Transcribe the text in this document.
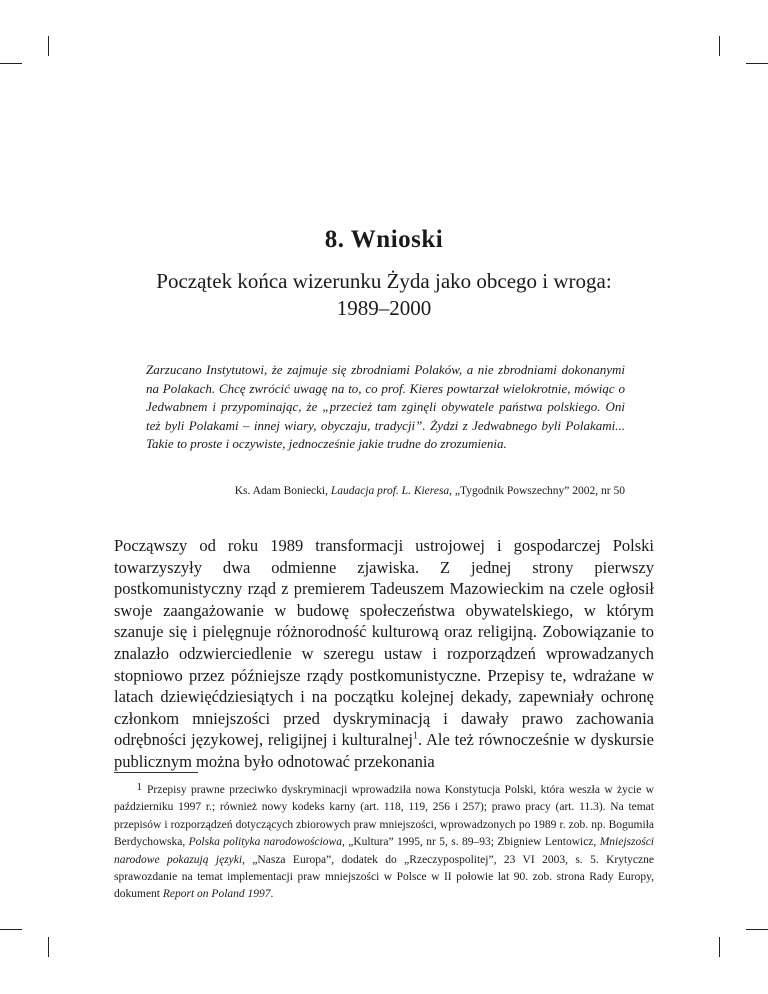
8. Wnioski
Początek końca wizerunku Żyda jako obcego i wroga:
1989–2000
Zarzucano Instytutowi, że zajmuje się zbrodniami Polaków, a nie zbrodniami dokonanymi na Polakach. Chcę zwrócić uwagę na to, co prof. Kieres powtarzał wielokrotnie, mówiąc o Jedwabnem i przypominając, że „przecież tam zginęli obywatele państwa polskiego. Oni też byli Polakami – innej wiary, obyczaju, tradycji”. Żydzi z Jedwabnego byli Polakami... Takie to proste i oczywiste, jednocześnie jakie trudne do zrozumienia.
Ks. Adam Boniecki, Laudacja prof. L. Kieresa, „Tygodnik Powszechny” 2002, nr 50
Począwszy od roku 1989 transformacji ustrojowej i gospodarczej Polski towarzyszyły dwa odmienne zjawiska. Z jednej strony pierwszy postkomunistyczny rząd z premierem Tadeuszem Mazowieckim na czele ogłosił swoje zaangażowanie w budowę społeczeństwa obywatelskiego, w którym szanuje się i pielęgnuje różnorodność kulturową oraz religijną. Zobowiązanie to znalazło odzwierciedlenie w szeregu ustaw i rozporządzeń wprowadzanych stopniowo przez późniejsze rządy postkomunistyczne. Przepisy te, wdrażane w latach dziewięćdziesiątych i na początku kolejnej dekady, zapewniały ochronę członkom mniejszości przed dyskryminacją i dawały prawo zachowania odrębności językowej, religijnej i kulturalnej$^1$. Ale też równocześnie w dyskursie publicznym można było odnotować przekonania
1 Przepisy prawne przeciwko dyskryminacji wprowadziła nowa Konstytucja Polski, która weszła w życie w październiku 1997 r.; również nowy kodeks karny (art. 118, 119, 256 i 257); prawo pracy (art. 11.3). Na temat przepisów i rozporządzeń dotyczących zbiorowych praw mniejszości, wprowadzonych po 1989 r. zob. np. Bogumiła Berdychowska, Polska polityka narodowościowa, „Kultura” 1995, nr 5, s. 89–93; Zbigniew Lentowicz, Mniejszości narodowe pokazują języki, „Nasza Europa”, dodatek do „Rzeczypospolitej”, 23 VI 2003, s. 5. Krytyczne sprawozdanie na temat implementacji praw mniejszości w Polsce w II połowie lat 90. zob. strona Rady Europy, dokument Report on Poland 1997.
